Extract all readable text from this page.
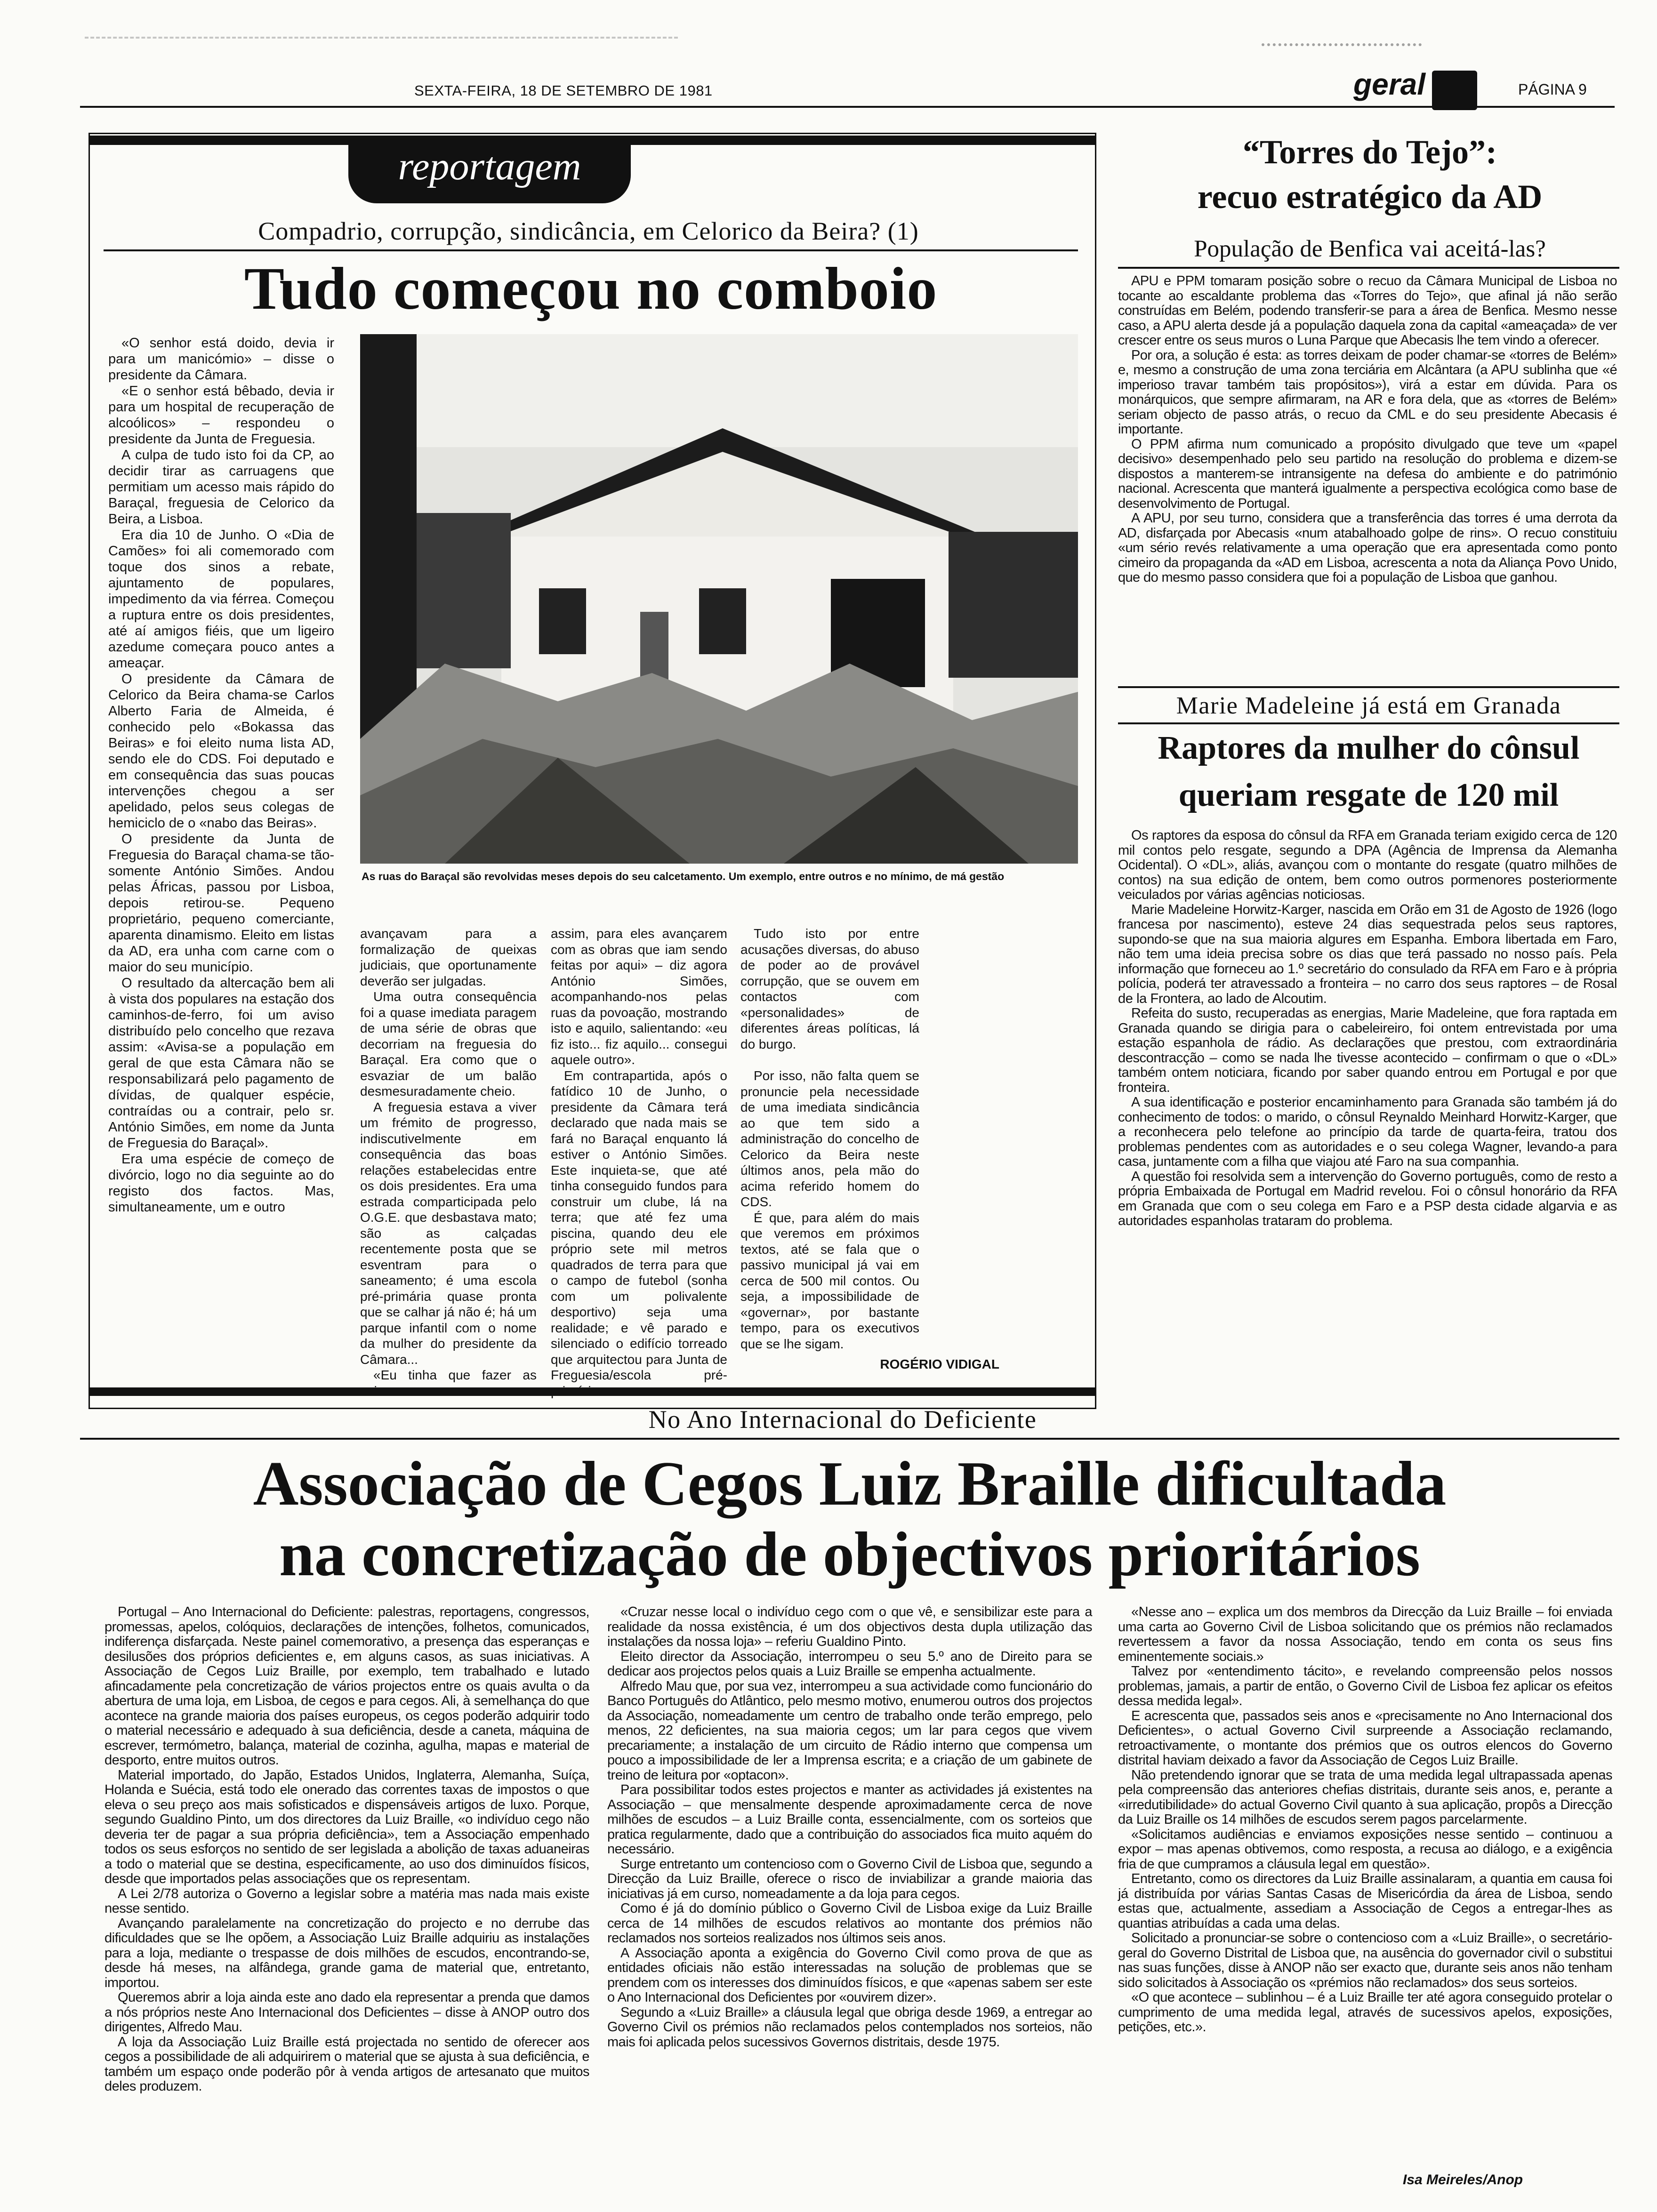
SEXTA-FEIRA, 18 DE SETEMBRO DE 1981	geral	PÁGINA 9
reportagem
Compadrio, corrupção, sindicância, em Celorico da Beira? (1)
Tudo começou no comboio

«O senhor está doido, devia ir para um manicómio» – disse o presidente da Câmara.

«E o senhor está bêbado, devia ir para um hospital de recuperação de alcoólicos» – respondeu o presidente da Junta de Freguesia.

A culpa de tudo isto foi da CP, ao decidir tirar as carruagens que permitiam um acesso mais rápido do Baraçal, freguesia de Celorico da Beira, a Lisboa.

Era dia 10 de Junho. O «Dia de Camões» foi ali comemorado com toque dos sinos a rebate, ajuntamento de populares, impedimento da via férrea. Começou a ruptura entre os dois presidentes, até aí amigos fiéis, que um ligeiro azedume começara pouco antes a ameaçar.

O presidente da Câmara de Celorico da Beira chama-se Carlos Alberto Faria de Almeida, é conhecido pelo «Bokassa das Beiras» e foi eleito numa lista AD, sendo ele do CDS. Foi deputado e em consequência das suas poucas intervenções chegou a ser apelidado, pelos seus colegas de hemiciclo de o «nabo das Beiras».

O presidente da Junta de Freguesia do Baraçal chama-se tão-somente António Simões. Andou pelas Áfricas, passou por Lisboa, depois retirou-se. Pequeno proprietário, pequeno comerciante, aparenta dinamismo. Eleito em listas da AD, era unha com carne com o maior do seu município.

O resultado da altercação bem ali à vista dos populares na estação dos caminhos-de-ferro, foi um aviso distribuído pelo concelho que rezava assim: «Avisa-se a população em geral de que esta Câmara não se responsabilizará pelo pagamento de dívidas, de qualquer espécie, contraídas ou a contrair, pelo sr. António Simões, em nome da Junta de Freguesia do Baraçal».

Era uma espécie de começo de divórcio, logo no dia seguinte ao do registo dos factos. Mas, simultaneamente, um e outro

As ruas do Baraçal são revolvidas meses depois do seu calcetamento. Um exemplo, entre outros e no mínimo, de má gestão

avançavam para a formalização de queixas judiciais, que oportunamente deverão ser julgadas.

Uma outra consequência foi a quase imediata paragem de uma série de obras que decorriam na freguesia do Baraçal. Era como que o esvaziar de um balão desmesuradamente cheio.

A freguesia estava a viver um frémito de progresso, indiscutivelmente em consequência das boas relações estabelecidas entre os dois presidentes. Era uma estrada comparticipada pelo O.G.E. que desbastava mato; são as calçadas recentemente posta que se esventram para o saneamento; é uma escola pré-primária quase pronta que se calhar já não é; há um parque infantil com o nome da mulher do presidente da Câmara...

«Eu tinha que fazer as

assim, para eles avançarem com as obras que iam sendo feitas por aqui» – diz agora António Simões, acompanhando-nos pelas ruas da povoação, mostrando isto e aquilo, salientando: «eu fiz isto... fiz aquilo... consegui aquele outro».

Em contrapartida, após o fatídico 10 de Junho, o presidente da Câmara terá declarado que nada mais se fará no Baraçal enquanto lá estiver o António Simões. Este inquieta-se, que até tinha conseguido fundos para construir um clube, lá na terra; que até fez uma piscina, quando deu ele próprio sete mil metros quadrados de terra para que o campo de futebol (sonha com um polivalente desportivo) seja uma realidade; e vê parado e silenciado o edifício torreado que arquitectou para Junta de Freguesia/escola pré-

Tudo isto por entre acusações diversas, do abuso de poder ao de provável corrupção, que se ouvem em contactos com «personalidades» de diferentes áreas políticas, lá do burgo.

Por isso, não falta quem se pronuncie pela necessidade de uma imediata sindicância ao que tem sido a administração do concelho de Celorico da Beira neste últimos anos, pela mão do acima referido homem do CDS.

É que, para além do mais que veremos em próximos textos, até se fala que o passivo municipal já vai em cerca de 500 mil contos. Ou seja, a impossibilidade de «governar», por bastante tempo, para os executivos que se lhe sigam.

ROGÉRIO VIDIGAL
“Torres do Tejo”:
recuo estratégico da AD
População de Benfica vai aceitá-las?

APU e PPM tomaram posição sobre o recuo da Câmara Municipal de Lisboa no tocante ao escaldante problema das «Torres do Tejo», que afinal já não serão construídas em Belém, podendo transferir-se para a área de Benfica. Mesmo nesse caso, a APU alerta desde já a população daquela zona da capital «ameaçada» de ver crescer entre os seus muros o Luna Parque que Abecasis lhe tem vindo a oferecer.

Por ora, a solução é esta: as torres deixam de poder chamar-se «torres de Belém» e, mesmo a construção de uma zona terciária em Alcântara (a APU sublinha que «é imperioso travar também tais propósitos»), virá a estar em dúvida. Para os monárquicos, que sempre afirmaram, na AR e fora dela, que as «torres de Belém» seriam objecto de passo atrás, o recuo da CML e do seu presidente Abecasis é importante.

O PPM afirma num comunicado a propósito divulgado que teve um «papel decisivo» desempenhado pelo seu partido na resolução do problema e dizem-se dispostos a manterem-se intransigente na defesa do ambiente e do património nacional. Acrescenta que manterá igualmente a perspectiva ecológica como base de desenvolvimento de Portugal.

A APU, por seu turno, considera que a transferência das torres é uma derrota da AD, disfarçada por Abecasis «num atabalhoado golpe de rins». O recuo constituiu «um sério revés relativamente a uma operação que era apresentada como ponto cimeiro da propaganda da «AD em Lisboa, acrescenta a nota da Aliança Povo Unido, que do mesmo passo considera que foi a população de Lisboa que ganhou.

Marie Madeleine já está em Granada
Raptores da mulher do cônsul
queriam resgate de 120 mil

Os raptores da esposa do cônsul da RFA em Granada teriam exigido cerca de 120 mil contos pelo resgate, segundo a DPA (Agência de Imprensa da Alemanha Ocidental). O «DL», aliás, avançou com o montante do resgate (quatro milhões de contos) na sua edição de ontem, bem como outros pormenores posteriormente veiculados por várias agências noticiosas.

Marie Madeleine Horwitz-Karger, nascida em Orão em 31 de Agosto de 1926 (logo francesa por nascimento), esteve 24 dias sequestrada pelos seus raptores, supondo-se que na sua maioria algures em Espanha. Embora libertada em Faro, não tem uma ideia precisa sobre os dias que terá passado no nosso país. Pela informação que forneceu ao 1.º secretário do consulado da RFA em Faro e à própria polícia, poderá ter atravessado a fronteira – no carro dos seus raptores – de Rosal de la Frontera, ao lado de Alcoutim.

Refeita do susto, recuperadas as energias, Marie Madeleine, que fora raptada em Granada quando se dirigia para o cabeleireiro, foi ontem entrevistada por uma estação espanhola de rádio. As declarações que prestou, com extraordinária descontracção – como se nada lhe tivesse acontecido – confirmam o que o «DL» também ontem noticiara, ficando por saber quando entrou em Portugal e por que fronteira.

A sua identificação e posterior encaminhamento para Granada são também já do conhecimento de todos: o marido, o cônsul Reynaldo Meinhard Horwitz-Karger, que a reconhecera pelo telefone ao princípio da tarde de quarta-feira, tratou dos problemas pendentes com as autoridades e o seu colega Wagner, levando-a para casa, juntamente com a filha que viajou até Faro na sua companhia.

A questão foi resolvida sem a intervenção do Governo português, como de resto a própria Embaixada de Portugal em Madrid revelou. Foi o cônsul honorário da RFA em Granada que com o seu colega em Faro e a PSP desta cidade algarvia e as autoridades espanholas trataram do problema.

No Ano Internacional do Deficiente
Associação de Cegos Luiz Braille dificultada
na concretização de objectivos prioritários

Portugal – Ano Internacional do Deficiente: palestras, reportagens, congressos, promessas, apelos, colóquios, declarações de intenções, folhetos, comunicados, indiferença disfarçada. Neste painel comemorativo, a presença das esperanças e desilusões dos próprios deficientes e, em alguns casos, as suas iniciativas. A Associação de Cegos Luiz Braille, por exemplo, tem trabalhado e lutado afincadamente pela concretização de vários projectos entre os quais avulta o da abertura de uma loja, em Lisboa, de cegos e para cegos. Ali, à semelhança do que acontece na grande maioria dos países europeus, os cegos poderão adquirir todo o material necessário e adequado à sua deficiência, desde a caneta, máquina de escrever, termómetro, balança, material de cozinha, agulha, mapas e material de desporto, entre muitos outros.

Material importado, do Japão, Estados Unidos, Inglaterra, Alemanha, Suíça, Holanda e Suécia, está todo ele onerado das correntes taxas de impostos o que eleva o seu preço aos mais sofisticados e dispensáveis artigos de luxo. Porque, segundo Gualdino Pinto, um dos directores da Luiz Braille, «o indivíduo cego não deveria ter de pagar a sua própria deficiência», tem a Associação empenhado todos os seus esforços no sentido de ser legislada a abolição de taxas aduaneiras a todo o material que se destina, especificamente, ao uso dos diminuídos físicos, desde que importados pelas associações que os representam.

A Lei 2/78 autoriza o Governo a legislar sobre a matéria mas nada mais existe nesse sentido.

Avançando paralelamente na concretização do projecto e no derrube das dificuldades que se lhe opõem, a Associação Luiz Braille adquiriu as instalações para a loja, mediante o trespasse de dois milhões de escudos, encontrando-se, desde há meses, na alfândega, grande gama de material que, entretanto, importou.

Queremos abrir a loja ainda este ano dado ela representar a prenda que damos a nós próprios neste Ano Internacional dos Deficientes – disse à ANOP outro dos dirigentes, Alfredo Mau.

A loja da Associação Luiz Braille está projectada no sentido de oferecer aos cegos a possibilidade de ali adquirirem o material que se ajusta à sua deficiência, e também um espaço onde poderão pôr à venda artigos de artesanato que muitos deles produzem.

«Cruzar nesse local o indivíduo cego com o que vê, e sensibilizar este para a realidade da nossa existência, é um dos objectivos desta dupla utilização das instalações da nossa loja» – referiu Gualdino Pinto.

Eleito director da Associação, interrompeu o seu 5.º ano de Direito para se dedicar aos projectos pelos quais a Luiz Braille se empenha actualmente.

Alfredo Mau que, por sua vez, interrompeu a sua actividade como funcionário do Banco Português do Atlântico, pelo mesmo motivo, enumerou outros dos projectos da Associação, nomeadamente um centro de trabalho onde terão emprego, pelo menos, 22 deficientes, na sua maioria cegos; um lar para cegos que vivem precariamente; a instalação de um circuito de Rádio interno que compensa um pouco a impossibilidade de ler a Imprensa escrita; e a criação de um gabinete de treino de leitura por «optacon».

Para possibilitar todos estes projectos e manter as actividades já existentes na Associação – que mensalmente despende aproximadamente cerca de nove milhões de escudos – a Luiz Braille conta, essencialmente, com os sorteios que pratica regularmente, dado que a contribuição do associados fica muito aquém do necessário.

Surge entretanto um contencioso com o Governo Civil de Lisboa que, segundo a Direcção da Luiz Braille, oferece o risco de inviabilizar a grande maioria das iniciativas já em curso, nomeadamente a da loja para cegos.

Como é já do domínio público o Governo Civil de Lisboa exige da Luiz Braille cerca de 14 milhões de escudos relativos ao montante dos prémios não reclamados nos sorteios realizados nos últimos seis anos.

A Associação aponta a exigência do Governo Civil como prova de que as entidades oficiais não estão interessadas na solução de problemas que se prendem com os interesses dos diminuídos físicos, e que «apenas sabem ser este o Ano Internacional dos Deficientes por «ouvirem dizer».

Segundo a «Luiz Braille» a cláusula legal que obriga desde 1969, a entregar ao Governo Civil os prémios não reclamados pelos contemplados nos sorteios, não mais foi aplicada pelos sucessivos Governos distritais, desde 1975.

«Nesse ano – explica um dos membros da Direcção da Luiz Braille – foi enviada uma carta ao Governo Civil de Lisboa solicitando que os prémios não reclamados revertessem a favor da nossa Associação, tendo em conta os seus fins eminentemente sociais.»

Talvez por «entendimento tácito», e revelando compreensão pelos nossos problemas, jamais, a partir de então, o Governo Civil de Lisboa fez aplicar os efeitos dessa medida legal».

E acrescenta que, passados seis anos e «precisamente no Ano Internacional dos Deficientes», o actual Governo Civil surpreende a Associação reclamando, retroactivamente, o montante dos prémios que os outros elencos do Governo distrital haviam deixado a favor da Associação de Cegos Luiz Braille.

Não pretendendo ignorar que se trata de uma medida legal ultrapassada apenas pela compreensão das anteriores chefias distritais, durante seis anos, e, perante a «irredutibilidade» do actual Governo Civil quanto à sua aplicação, propôs a Direcção da Luiz Braille os 14 milhões de escudos serem pagos parcelarmente.

«Solicitamos audiências e enviamos exposições nesse sentido – continuou a expor – mas apenas obtivemos, como resposta, a recusa ao diálogo, e a exigência fria de que cumpramos a cláusula legal em questão».

Entretanto, como os directores da Luiz Braille assinalaram, a quantia em causa foi já distribuída por várias Santas Casas de Misericórdia da área de Lisboa, sendo estas que, actualmente, assediam a Associação de Cegos a entregar-lhes as quantias atribuídas a cada uma delas.

Solicitado a pronunciar-se sobre o contencioso com a «Luiz Braille», o secretário-geral do Governo Distrital de Lisboa que, na ausência do governador civil o substitui nas suas funções, disse à ANOP não ser exacto que, durante seis anos não tenham sido solicitados à Associação os «prémios não reclamados» dos seus sorteios.

«O que acontece – sublinhou – é a Luiz Braille ter até agora conseguido protelar o cumprimento de uma medida legal, através de sucessivos apelos, exposições, petições, etc.».

Isa Meireles/Anop
